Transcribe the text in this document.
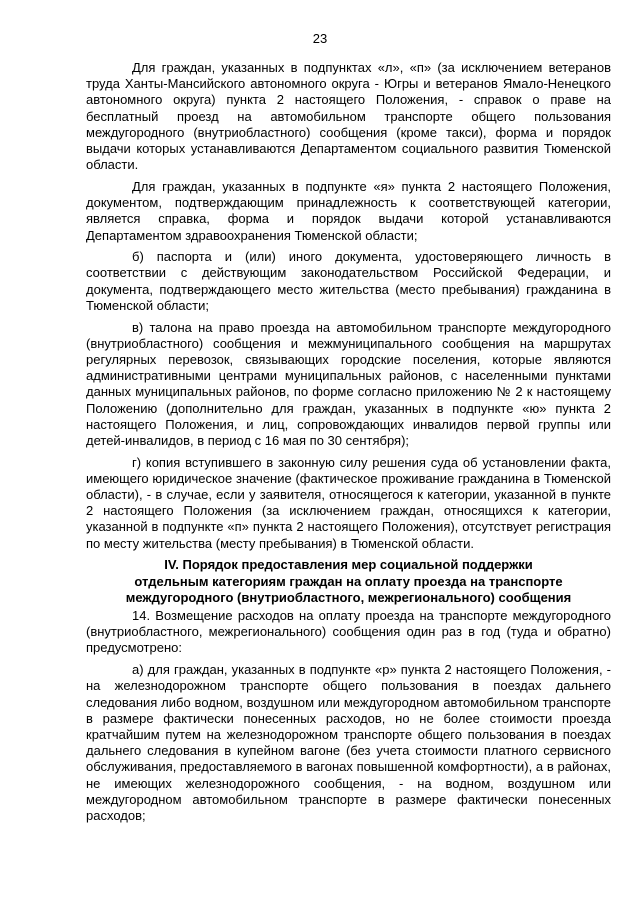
23

Для граждан, указанных в подпунктах «л», «п» (за исключением ветеранов труда Ханты-Мансийского автономного округа - Югры и ветеранов Ямало-Ненецкого автономного округа) пункта 2 настоящего Положения, - справок о праве на бесплатный проезд на автомобильном транспорте общего пользования междугородного (внутриобластного) сообщения (кроме такси), форма и порядок выдачи которых устанавливаются Департаментом социального развития Тюменской области.

Для граждан, указанных в подпункте «я» пункта 2 настоящего Положения, документом, подтверждающим принадлежность к соответствующей категории, является справка, форма и порядок выдачи которой устанавливаются Департаментом здравоохранения Тюменской области;

б) паспорта и (или) иного документа, удостоверяющего личность в соответствии с действующим законодательством Российской Федерации, и документа, подтверждающего место жительства (место пребывания) гражданина в Тюменской области;

в) талона на право проезда на автомобильном транспорте междугородного (внутриобластного) сообщения и межмуниципального сообщения на маршрутах регулярных перевозок, связывающих городские поселения, которые являются административными центрами муниципальных районов, с населенными пунктами данных муниципальных районов, по форме согласно приложению № 2 к настоящему Положению (дополнительно для граждан, указанных в подпункте «ю» пункта 2 настоящего Положения, и лиц, сопровождающих инвалидов первой группы или детей-инвалидов, в период с 16 мая по 30 сентября);

г) копия вступившего в законную силу решения суда об установлении факта, имеющего юридическое значение (фактическое проживание гражданина в Тюменской области), - в случае, если у заявителя, относящегося к категории, указанной в пункте 2 настоящего Положения (за исключением граждан, относящихся к категории, указанной в подпункте «п» пункта 2 настоящего Положения), отсутствует регистрация по месту жительства (месту пребывания) в Тюменской области.

IV. Порядок предоставления мер социальной поддержки
отдельным категориям граждан на оплату проезда на транспорте
междугородного (внутриобластного, межрегионального) сообщения

14. Возмещение расходов на оплату проезда на транспорте междугородного (внутриобластного, межрегионального) сообщения один раз в год (туда и обратно) предусмотрено:

а) для граждан, указанных в подпункте «р» пункта 2 настоящего Положения, - на железнодорожном транспорте общего пользования в поездах дальнего следования либо водном, воздушном или междугородном автомобильном транспорте в размере фактически понесенных расходов, но не более стоимости проезда кратчайшим путем на железнодорожном транспорте общего пользования в поездах дальнего следования в купейном вагоне (без учета стоимости платного сервисного обслуживания, предоставляемого в вагонах повышенной комфортности), а в районах, не имеющих железнодорожного сообщения, - на водном, воздушном или междугородном автомобильном транспорте в размере фактически понесенных расходов;
